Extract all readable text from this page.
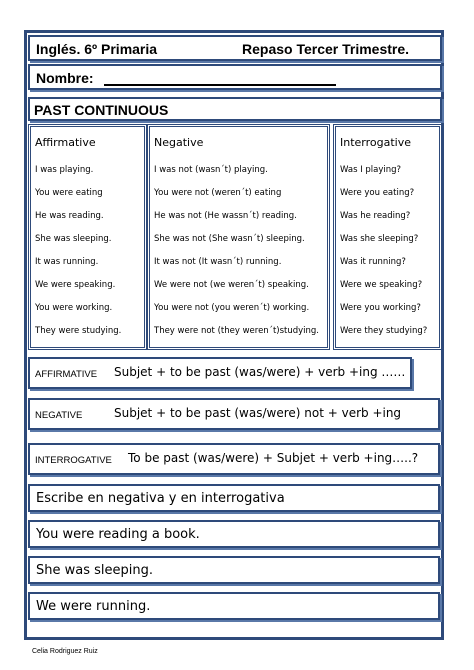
Inglés. 6º Primaria	Repaso Tercer Trimestre.
Nombre:
PAST CONTINUOUS
Affirmative
I was playing.
You were eating
He was reading.
She was sleeping.
It was running.
We were speaking.
You were working.
They were studying.
Negative
I was not (wasn´t) playing.
You were not (weren´t) eating
He was not (He wassn´t) reading.
She was not (She wasn´t) sleeping.
It was not (It wasn´t) running.
We were not (we weren´t) speaking.
You were not (you weren´t) working.
They were not (they weren´t)studying.
Interrogative
Was I playing?
Were you eating?
Was he reading?
Was she sleeping?
Was it running?
Were we speaking?
Were you working?
Were they studying?
AFFIRMATIVE Subjet + to be past (was/were) + verb +ing ……
NEGATIVE	Subjet + to be past (was/were) not + verb +ing
INTERROGATIVE To be past (was/were) + Subjet + verb +ing…..?
Escribe en negativa y en interrogativa
You were reading a book.
She was sleeping.
We were running.
Celia Rodriguez Ruiz
